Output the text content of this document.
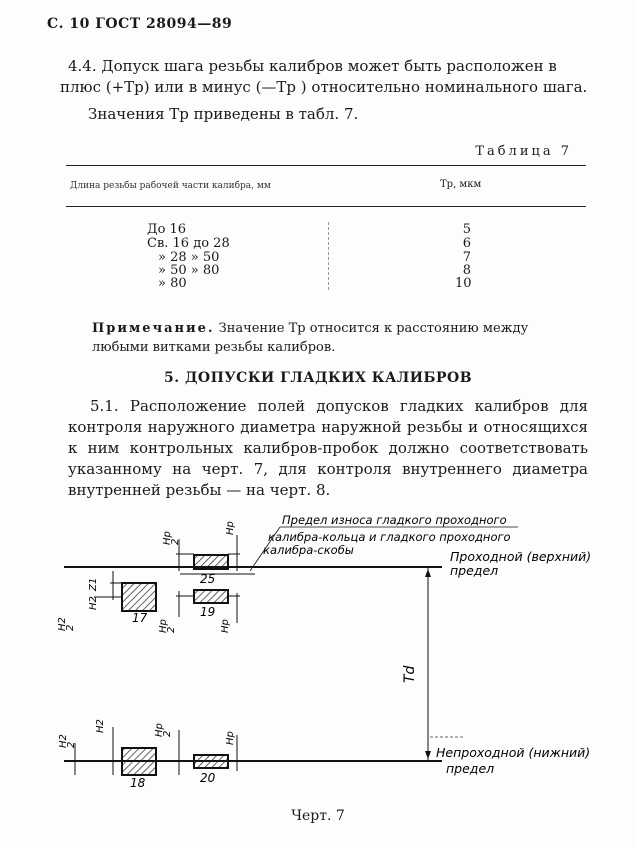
С. 10 ГОСТ 28094—89
4.4. Допуск шага резьбы калибров может быть расположен в
плюс (+Tp) или в минус (—Tp ) относительно номинального шага.
Значения Tp приведены в табл. 7.
Таблица 7
Длина резьбы рабочей части калибра, мм	Tp, мкм
До 16	5
Св. 16 до 28	6
» 28 » 50	7
» 50 » 80	8
» 80	10
Примечание. Значение Tp относится к расстоянию между любыми витками резьбы калибров.
5. ДОПУСКИ ГЛАДКИХ КАЛИБРОВ
5.1. Расположение полей допусков гладких калибров для контроля наружного диаметра наружной резьбы и относящихся к ним контрольных калибров-пробок должно соответствовать указанному на черт. 7, для контроля внутреннего диаметра внутренней резьбы — на черт. 8.
Td
25
19
17
18	20
Hp
2
Hp
Z1
H2
H2
2	Hp
2	Hp
H2
2
H2	Hp
2	Hp
Предел износа гладкого проходного
калибра-кольца и гладкого проходного
калибра-скобы	Проходной (верхний)
предел
Непроходной (нижний)
предел
Черт. 7
